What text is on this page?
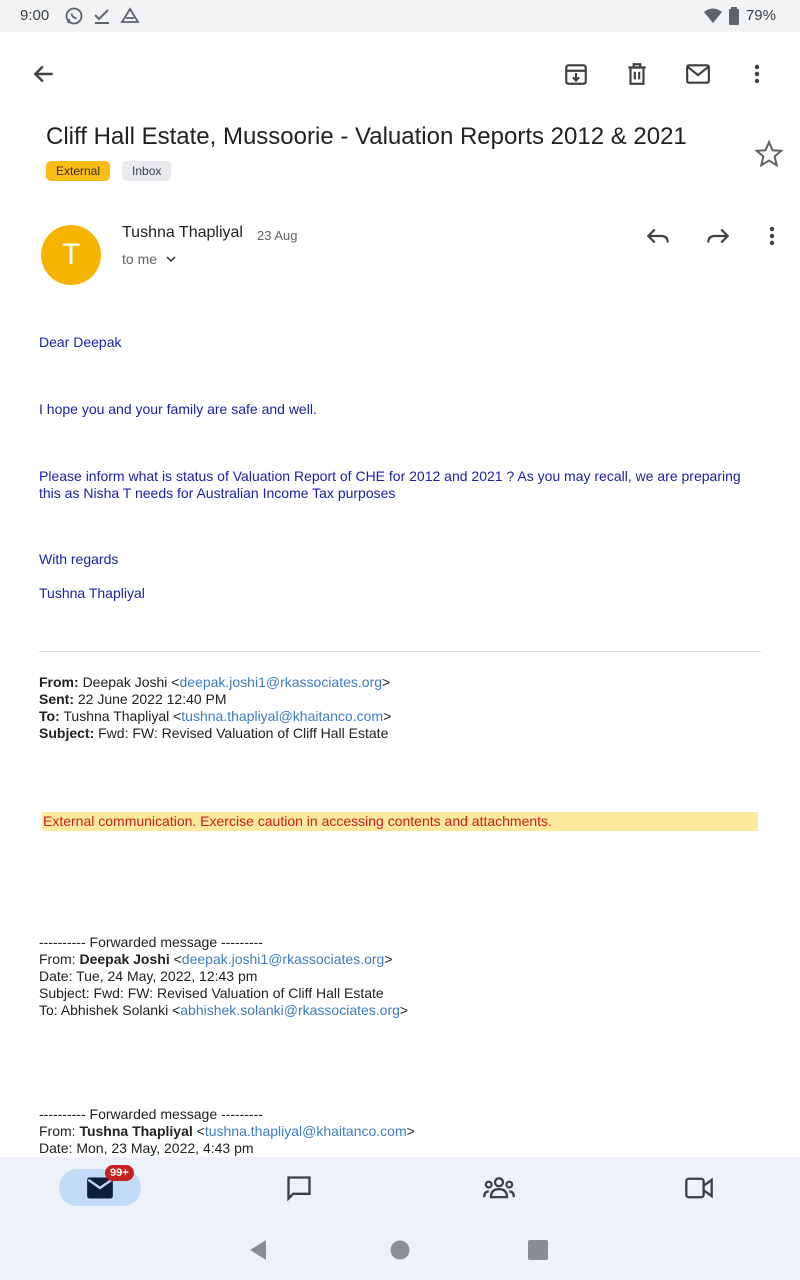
9:00	79%
Cliff Hall Estate, Mussoorie - Valuation Reports 2012 & 2021
External	Inbox
T
Tushna Thapliyal 23 Aug
to me
Dear Deepak
I hope you and your family are safe and well.
Please inform what is status of Valuation Report of CHE for 2012 and 2021 ? As you may recall, we are preparing this as Nisha T needs for Australian Income Tax purposes
With regards
Tushna Thapliyal
From: Deepak Joshi <deepak.joshi1@rkassociates.org>
Sent: 22 June 2022 12:40 PM
To: Tushna Thapliyal <tushna.thapliyal@khaitanco.com>
Subject: Fwd: FW: Revised Valuation of Cliff Hall Estate
External communication. Exercise caution in accessing contents and attachments.
---------- Forwarded message ---------
From: Deepak Joshi <deepak.joshi1@rkassociates.org>
Date: Tue, 24 May, 2022, 12:43 pm
Subject: Fwd: FW: Revised Valuation of Cliff Hall Estate
To: Abhishek Solanki <abhishek.solanki@rkassociates.org>
---------- Forwarded message ---------
From: Tushna Thapliyal <tushna.thapliyal@khaitanco.com>
Date: Mon, 23 May, 2022, 4:43 pm
99+
